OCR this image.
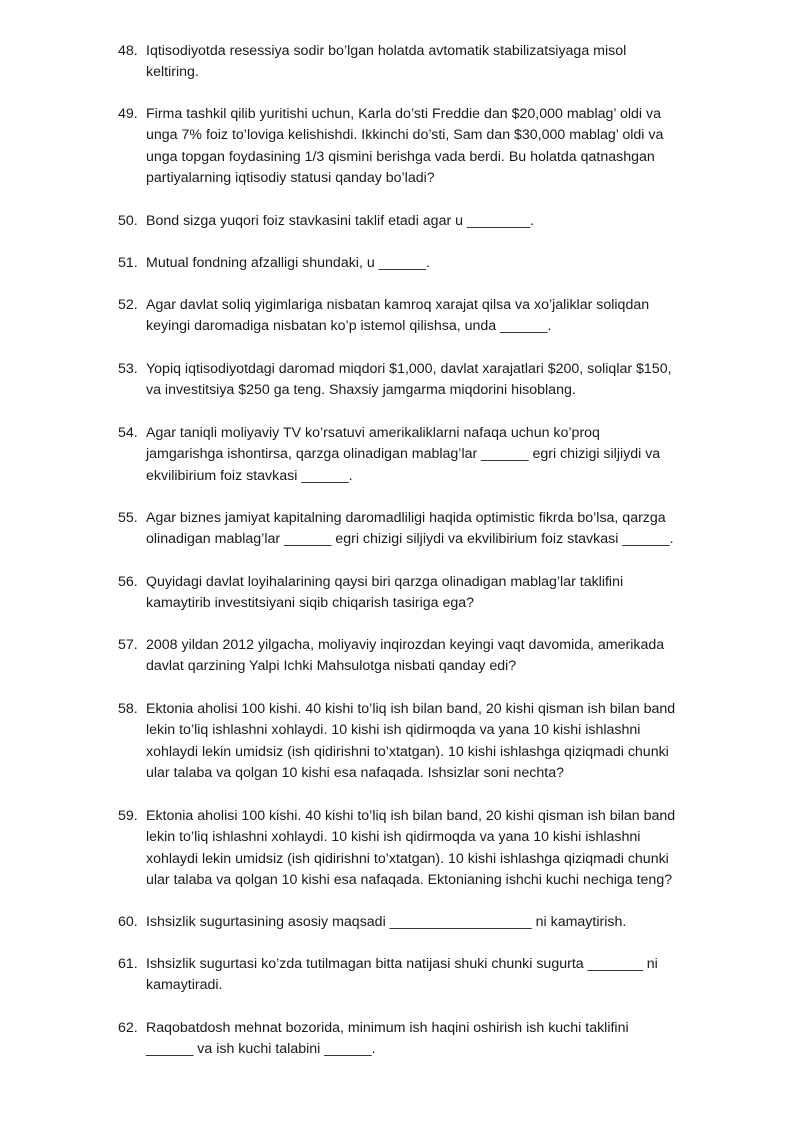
48. Iqtisodiyotda resessiya sodir bo’lgan holatda avtomatik stabilizatsiyaga misol
keltiring.
49. Firma tashkil qilib yuritishi uchun, Karla do’sti Freddie dan $20,000 mablag’ oldi va
unga 7% foiz to’loviga kelishishdi. Ikkinchi do’sti, Sam dan $30,000 mablag’ oldi va
unga topgan foydasining 1/3 qismini berishga vada berdi. Bu holatda qatnashgan
partiyalarning iqtisodiy statusi qanday bo’ladi?
50. Bond sizga yuqori foiz stavkasini taklif etadi agar u ________.
51. Mutual fondning afzalligi shundaki, u ______.
52. Agar davlat soliq yigimlariga nisbatan kamroq xarajat qilsa va xo’jaliklar soliqdan
keyingi daromadiga nisbatan ko’p istemol qilishsa, unda ______.
53. Yopiq iqtisodiyotdagi daromad miqdori $1,000, davlat xarajatlari $200, soliqlar $150,
va investitsiya $250 ga teng. Shaxsiy jamgarma miqdorini hisoblang.
54. Agar taniqli moliyaviy TV ko’rsatuvi amerikaliklarni nafaqa uchun ko’proq
jamgarishga ishontirsa, qarzga olinadigan mablag’lar ______ egri chizigi siljiydi va
ekvilibirium foiz stavkasi ______.
55. Agar biznes jamiyat kapitalning daromadliligi haqida optimistic fikrda bo’lsa, qarzga
olinadigan mablag’lar ______ egri chizigi siljiydi va ekvilibirium foiz stavkasi ______.
56. Quyidagi davlat loyihalarining qaysi biri qarzga olinadigan mablag’lar taklifini
kamaytirib investitsiyani siqib chiqarish tasiriga ega?
57. 2008 yildan 2012 yilgacha, moliyaviy inqirozdan keyingi vaqt davomida, amerikada
davlat qarzining Yalpi Ichki Mahsulotga nisbati qanday edi?
58. Ektonia aholisi 100 kishi. 40 kishi to’liq ish bilan band, 20 kishi qisman ish bilan band
lekin to’liq ishlashni xohlaydi. 10 kishi ish qidirmoqda va yana 10 kishi ishlashni
xohlaydi lekin umidsiz (ish qidirishni to’xtatgan). 10 kishi ishlashga qiziqmadi chunki
ular talaba va qolgan 10 kishi esa nafaqada. Ishsizlar soni nechta?
59. Ektonia aholisi 100 kishi. 40 kishi to’liq ish bilan band, 20 kishi qisman ish bilan band
lekin to’liq ishlashni xohlaydi. 10 kishi ish qidirmoqda va yana 10 kishi ishlashni
xohlaydi lekin umidsiz (ish qidirishni to’xtatgan). 10 kishi ishlashga qiziqmadi chunki
ular talaba va qolgan 10 kishi esa nafaqada. Ektonianing ishchi kuchi nechiga teng?
60. Ishsizlik sugurtasining asosiy maqsadi __________________ ni kamaytirish.
61. Ishsizlik sugurtasi ko’zda tutilmagan bitta natijasi shuki chunki sugurta _______ ni
kamaytiradi.
62. Raqobatdosh mehnat bozorida, minimum ish haqini oshirish ish kuchi taklifini
______ va ish kuchi talabini ______.
